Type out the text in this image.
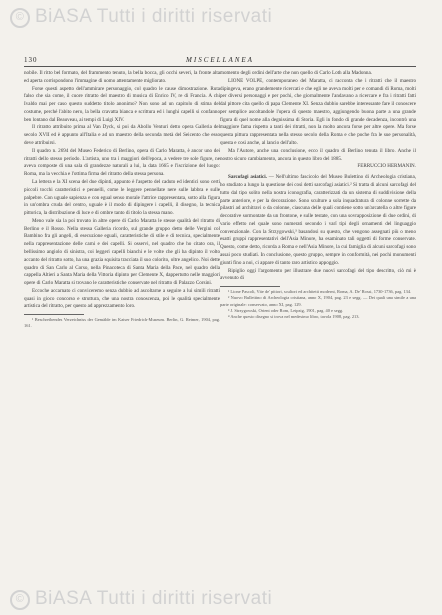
© BiASA Tutti i diritti riservati
130	MISCELLANEA

nobile. Il ritto bel formato, del frammento tenuto, la bella bocca, gli occhi severi, la fronte alta ed aperta corrispondono l'immagine di uomo attentamente migliorato.

Forse questi aspetto dell'ammirare personaggio, col quadro le cause dimostrazione. Ruta falso che sia come, il cuore ritratto del maestro di musica di Enrico IV, re di Francia. A chi Ivaldo mai per caso questo suddetto titolo anonimo? Non sono ad un capitolo di stima del costume, perché l'abito nero, la bella cravatta bianca e scrittura ed i lunghi capelli si confanno ben lontano dal Beauveau, ai tempi di Luigi XIV.

Il ritratto attribuito prima al Van Dyck, si poi da Abollo Venturi detto opera Galleria del secolo XVII ed è appunto all'Italia e ad un maestro della seconda metà del Seicento che esso deve attribuirsi.

Il quadro n. 2694 del Museo Federico di Berlino, opera di Carlo Maratta, è ancor uno dei ritratti dello stesso periodo. L'artista, uno tra i maggiori dell'epoca, a vedere tre sole figure, ne aveva composte di una sala di grandezze naturali a lui, la data 1665 e l'iscrizione del luogo: Roma, ma la vecchia e l'ottima firma del ritratto della stessa persona.

La lettera e la XI scena del due dipinti, appunto è l'aspetto del caduto ed identici sono certi piccoli tocchi caratteristici e pennelli, come le leggere pennellate nere sulle labbra e sulle palpebre. Con uguale sapienza e con egual senso morale l'attrice rappresentata, sotto alla figura in un'ombra cruda del centro, uguale è il modo di dipingere i capelli, il disegno, la tecnica pittorica, la distribuzione di luce e di ombre tanto di titolo la stessa mano.

Meno vale sia la poi trovato in altre opere di Carlo Maratta le stesse qualità del ritratto di Berlino e il Rosso. Nella stessa Galleria ricordo, sul grande gruppo detto delle Vergini col Bambino fra gli angeli, di esecuzione eguali, caratteristiche di stile e di tecnica, specialmente nella rappresentazione delle carni e dei capelli. Si osservi, nel quadro che ho citato ora, il bellissimo angiolo di sinistra, coi leggeri capelli bianchi e le volte che gli ha dipinto il volto accanto del ritratto sotto, ha una grazia squisita tracciata il suo colorito, oltre angelico. Noi dette quadro di San Carlo al Corso, nella Pinacoteca di Santa Maria della Pace, nel quadro della cappella Altieri a Santa Maria della Vittoria dipinto per Clemente X, dappertutto nelle maggiori opere di Carlo Maratta si trovano le caratteristiche conservate nel ritratto di Palazzo Corsini.

Eccoche accarnato ci conviceremo senza dubbio ad ascoltarne a seguire a lui simili ritratti quasi in gioco concorso e struttura, che una nostra conoscenza, poi le qualità specialmente artistica del ritratto, per questo ad apprezzamento loro.

¹ Beschreibendes Verzeichniss der Gemälde im Kaiser Friedrich-Museum. Berlin, G. Reimer, 1904, pag. 161.

momento degli ordini dell'arte che non quello di Carlo Loth alla Madonna.

LIONE VOLPE, contemporaneo del Maratta, ci racconta che i ritratti che il maestro dipingeva, erano grandemente ricercati e che egli ne aveva molti per e comandi di Roma, molti per diversi personaggi e per pochi, che giornalmente l'andavano a ricercare e fra i ritratti fatti dal pittore cita quello di papa Clemente XI. Senza dubbio sarebbe interessante fare il conoscere per semplice ascoltandole l'opera di questo maestro, aggiungendo buona parte a una grande figura di quel nome alla degnissima di Storia. Egli in fondo di grande decadenza, incontrò una maggiore fama rispetto a tanti dei ritratti, non la molto ancora forse per altre opere. Ma forse questa pittura rappresentata nella stesso secolo della Roma e che poche fra le sue personalità, questa e così anche, al lancio dell'alto.

Ma l'Autore, anche una conclusione, ecco il quadro di Berlino tenuta il libro. Anche il nostro sicuro cambiamento, ancora in questo libro del 1885.

FERRUCCIO HERMANIN.

Sarcofagi asiatici. — Nell'ultimo fascicolo del Museo Bulettino di Archeologia cristiana, ho studiato a lungo la questione dei così detti sarcofagi asiatici.² Si tratta di alcuni sarcofagi del tutto dal tipo solito nella nostra iconografia, caratterizzati da un sistema di suddivisione della parte anteriore, e per la decorazione. Sono sculture a sola inquadratura di colonne sorrette da pilastri ad architravi o da colonne, ciascuna delle quali contiene sotto un'arcatella o altre figure decorative sormontate da un frontone, e sulle testate, con una sovrapposizione di due ordini, di vario effetto nel quale sono numerati secondo i varî tipi degli ornamenti del linguaggio convenzionale. Con la Strzygowski,³ basandosi su questo, che vengono assegnati più o meno esatti gruppi rappresentativi dell'Asia Minore, ha esaminato tali oggetti di forme conservate. Questo, come detto, ricorda a Roma e nell'Asia Minore, la cui famiglia di alcuni sarcofagi sono assai poco studiati. In conclusione, questo gruppo, sempre in conformità, nei pochi monumenti giunti fino a noi, ci appare di tanto raro artistico appoggio.

Ripiglio oggi l'argomento per illustrare due nuovi sarcofagi del tipo descritto, ciò mi è avvenuto di

¹ Lione Pascoli, Vite de' pittori, scultori ed architetti moderni, Roma, A. De' Rossi, 1730-1736, pag. 134.

² Nuovo Bullettino di Archeologia cristiana, anno X, 1904, pag. 23 e segg. — Dei quali una simile a una parte originale: conservato, anno XI, pag. 129.

³ J. Strzygowski, Orient oder Rom, Leipzig, 1901, pag. 40 e segg.

⁴ Anche questo disegno si trova nel medesimo libro, tavola 1908, pag. 213.

© BiASA Tutti i diritti riservati
